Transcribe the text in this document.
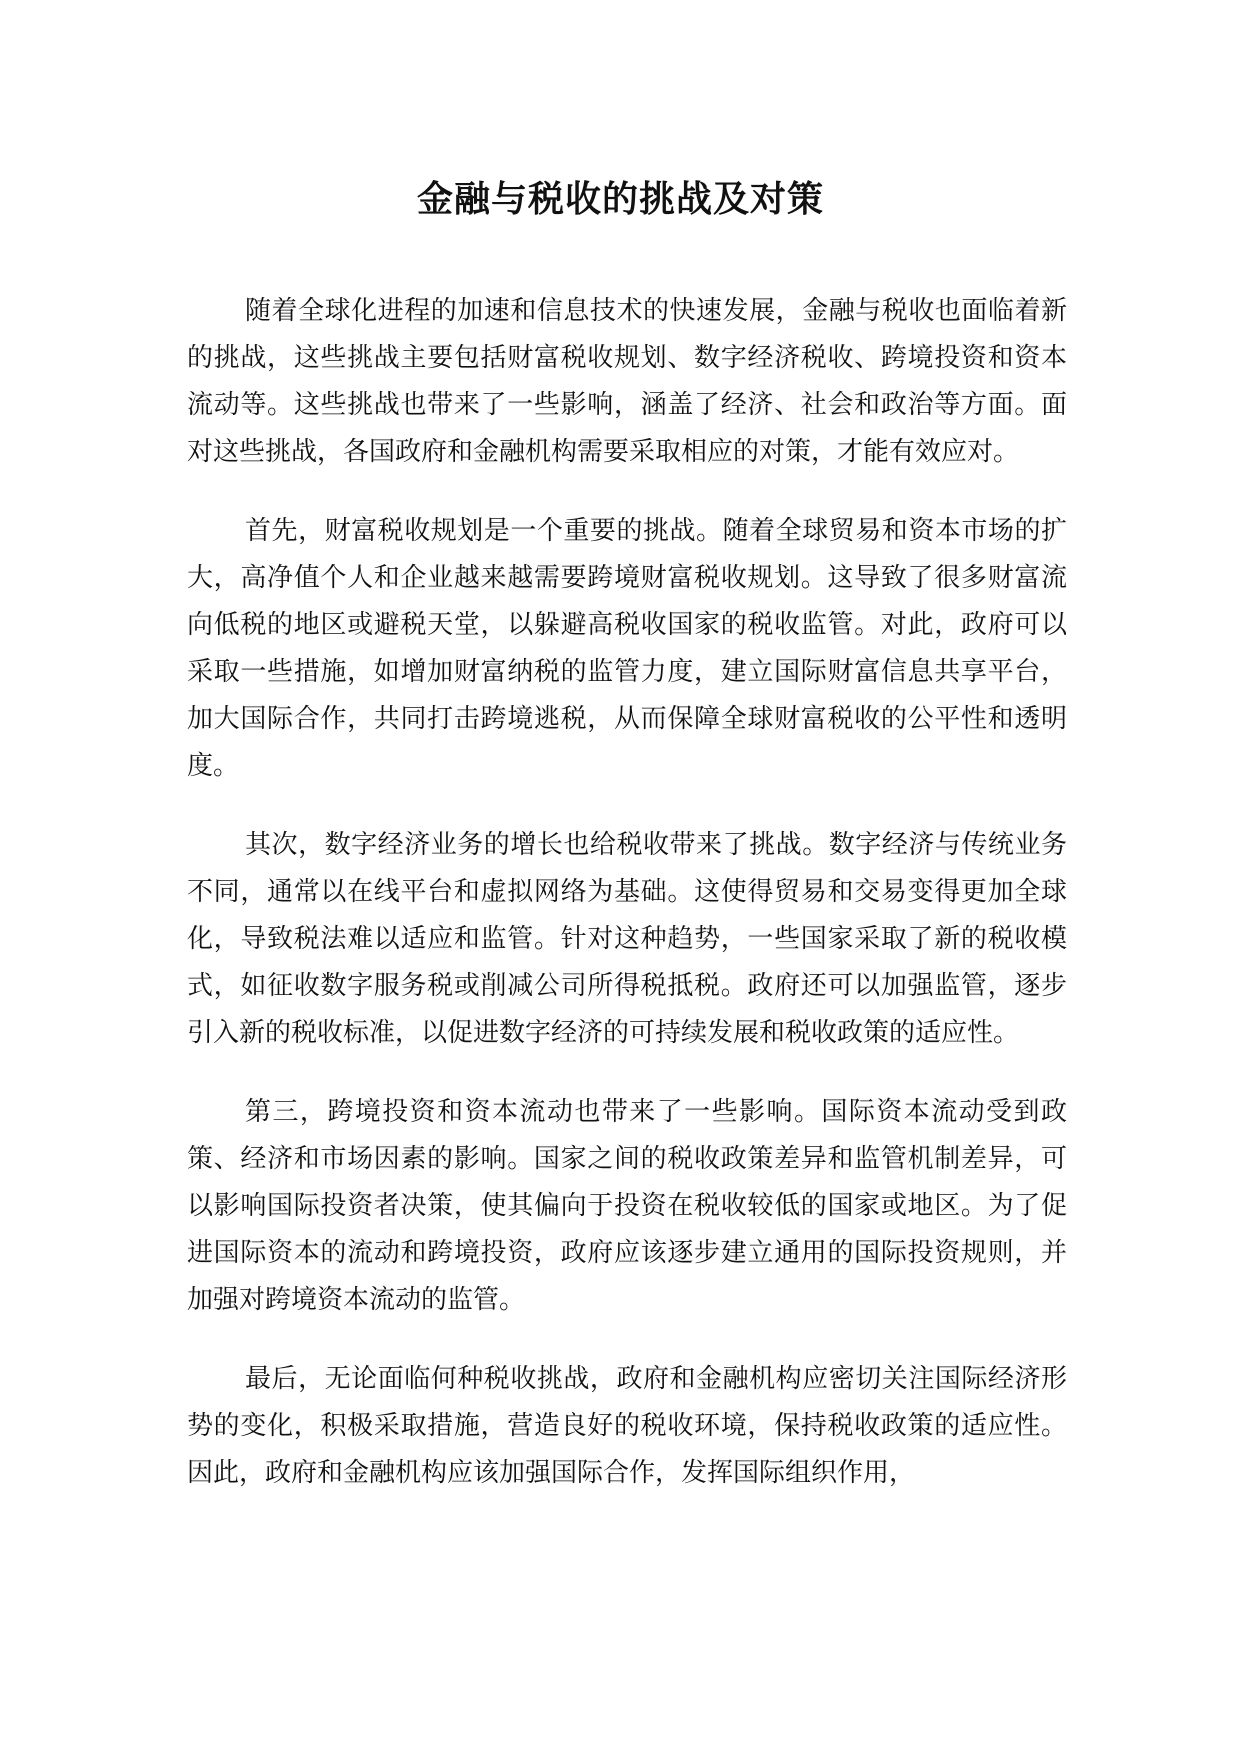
金融与税收的挑战及对策

随着全球化进程的加速和信息技术的快速发展，金融与税收也面临着新的挑战，这些挑战主要包括财富税收规划、数字经济税收、跨境投资和资本流动等。这些挑战也带来了一些影响，涵盖了经济、社会和政治等方面。面对这些挑战，各国政府和金融机构需要采取相应的对策，才能有效应对。

首先，财富税收规划是一个重要的挑战。随着全球贸易和资本市场的扩大，高净值个人和企业越来越需要跨境财富税收规划。这导致了很多财富流向低税的地区或避税天堂，以躲避高税收国家的税收监管。对此，政府可以采取一些措施，如增加财富纳税的监管力度，建立国际财富信息共享平台，加大国际合作，共同打击跨境逃税，从而保障全球财富税收的公平性和透明度。

其次，数字经济业务的增长也给税收带来了挑战。数字经济与传统业务不同，通常以在线平台和虚拟网络为基础。这使得贸易和交易变得更加全球化，导致税法难以适应和监管。针对这种趋势，一些国家采取了新的税收模式，如征收数字服务税或削减公司所得税抵税。政府还可以加强监管，逐步引入新的税收标准，以促进数字经济的可持续发展和税收政策的适应性。

第三，跨境投资和资本流动也带来了一些影响。国际资本流动受到政策、经济和市场因素的影响。国家之间的税收政策差异和监管机制差异，可以影响国际投资者决策，使其偏向于投资在税收较低的国家或地区。为了促进国际资本的流动和跨境投资，政府应该逐步建立通用的国际投资规则，并加强对跨境资本流动的监管。

最后，无论面临何种税收挑战，政府和金融机构应密切关注国际经济形势的变化，积极采取措施，营造良好的税收环境，保持税收政策的适应性。因此，政府和金融机构应该加强国际合作，发挥国际组织作用，
